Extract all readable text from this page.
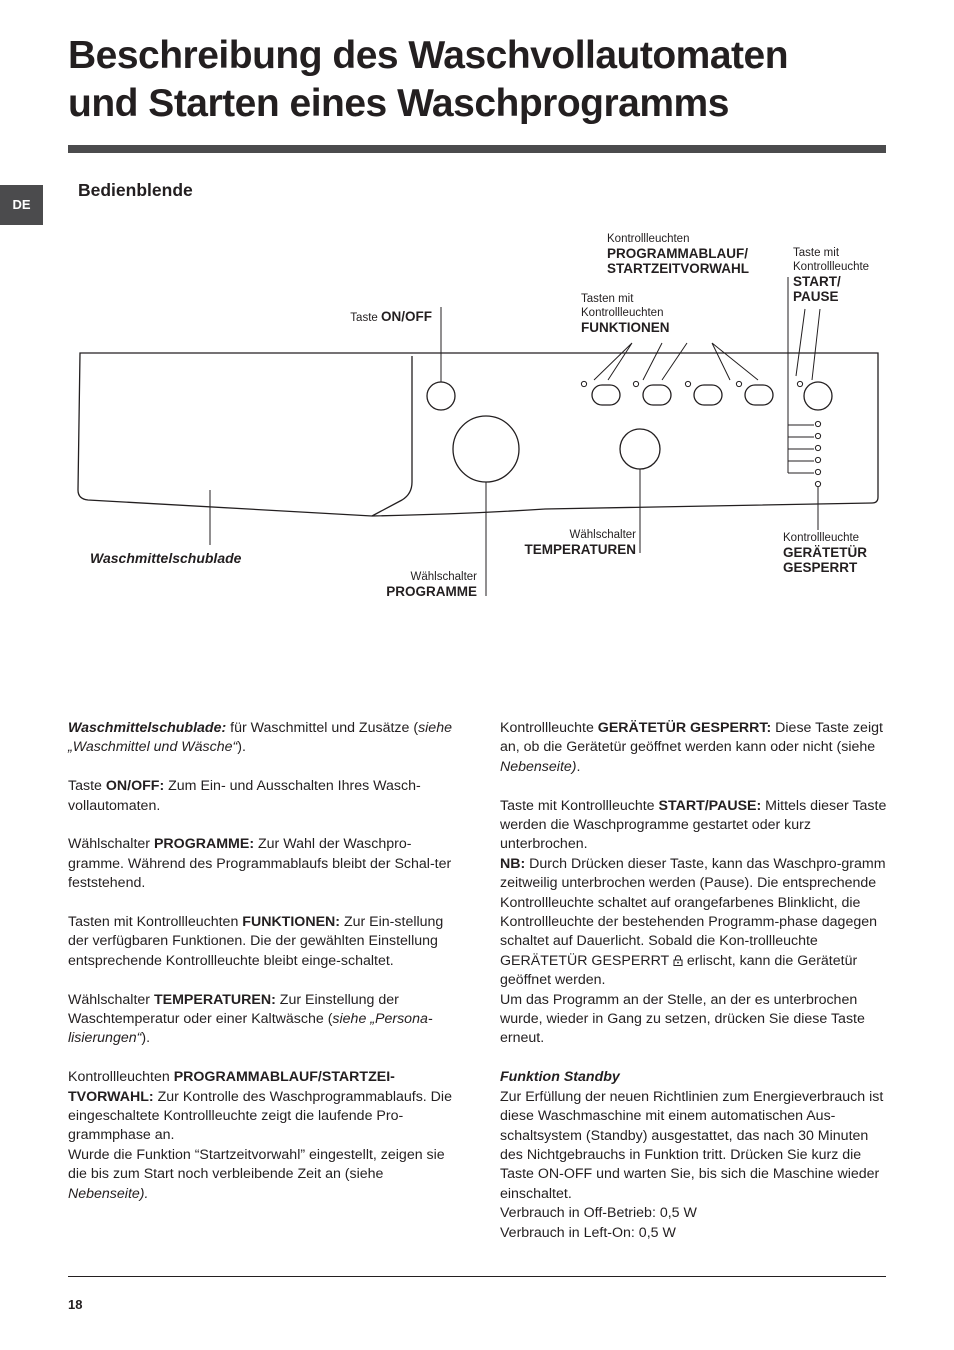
Beschreibung des Waschvollautomaten
und Starten eines Waschprogramms
DE
Bedienblende
Kontrollleuchten
PROGRAMMABLAUF/
STARTZEITVORWAHL
Taste mit
Kontrollleuchte
START/
PAUSE
Tasten mit
Kontrollleuchten
FUNKTIONEN
Taste ON/OFF
Wählschalter
TEMPERATUREN
Kontrollleuchte
GERÄTETÜR
GESPERRT
Waschmittelschublade
Wählschalter
PROGRAMME

Waschmittelschublade: für Waschmittel und Zusätze (siehe „Waschmittel und Wäsche“).

Taste ON/OFF: Zum Ein- und Ausschalten Ihres Wasch-vollautomaten.

Wählschalter PROGRAMME: Zur Wahl der Waschpro-gramme. Während des Programmablaufs bleibt der Schal-ter feststehend.

Tasten mit Kontrollleuchten FUNKTIONEN: Zur Ein-stellung der verfügbaren Funktionen. Die der gewählten Einstellung entsprechende Kontrollleuchte bleibt einge-schaltet.

Wählschalter TEMPERATUREN: Zur Einstellung der Waschtemperatur oder einer Kaltwäsche (siehe „Persona-lisierungen“).

Kontrollleuchten PROGRAMMABLAUF/STARTZEI-TVORWAHL: Zur Kontrolle des Waschprogrammablaufs. Die eingeschaltete Kontrollleuchte zeigt die laufende Pro-grammphase an.

Wurde die Funktion “Startzeitvorwahl” eingestellt, zeigen sie die bis zum Start noch verbleibende Zeit an (siehe Nebenseite).

Kontrollleuchte GERÄTETÜR GESPERRT: Diese Taste zeigt an, ob die Gerätetür geöffnet werden kann oder nicht (siehe Nebenseite).

Taste mit Kontrollleuchte START/PAUSE: Mittels dieser Taste werden die Waschprogramme gestartet oder kurz unterbrochen.

NB: Durch Drücken dieser Taste, kann das Waschpro-gramm zeitweilig unterbrochen werden (Pause). Die entsprechende Kontrollleuchte schaltet auf orangefarbenes Blinklicht, die Kontrollleuchte der bestehenden Programm-phase dagegen schaltet auf Dauerlicht. Sobald die Kon-trollleuchte GERÄTETÜR GESPERRT  erlischt, kann die Gerätetür geöffnet werden.

Um das Programm an der Stelle, an der es unterbrochen wurde, wieder in Gang zu setzen, drücken Sie diese Taste erneut.

Funktion Standby

Zur Erfüllung der neuen Richtlinien zum Energieverbrauch ist diese Waschmaschine mit einem automatischen Aus-schaltsystem (Standby) ausgestattet, das nach 30 Minuten des Nichtgebrauchs in Funktion tritt. Drücken Sie kurz die Taste ON-OFF und warten Sie, bis sich die Maschine wieder einschaltet.

Verbrauch in Off-Betrieb: 0,5 W

Verbrauch in Left-On: 0,5 W

18
